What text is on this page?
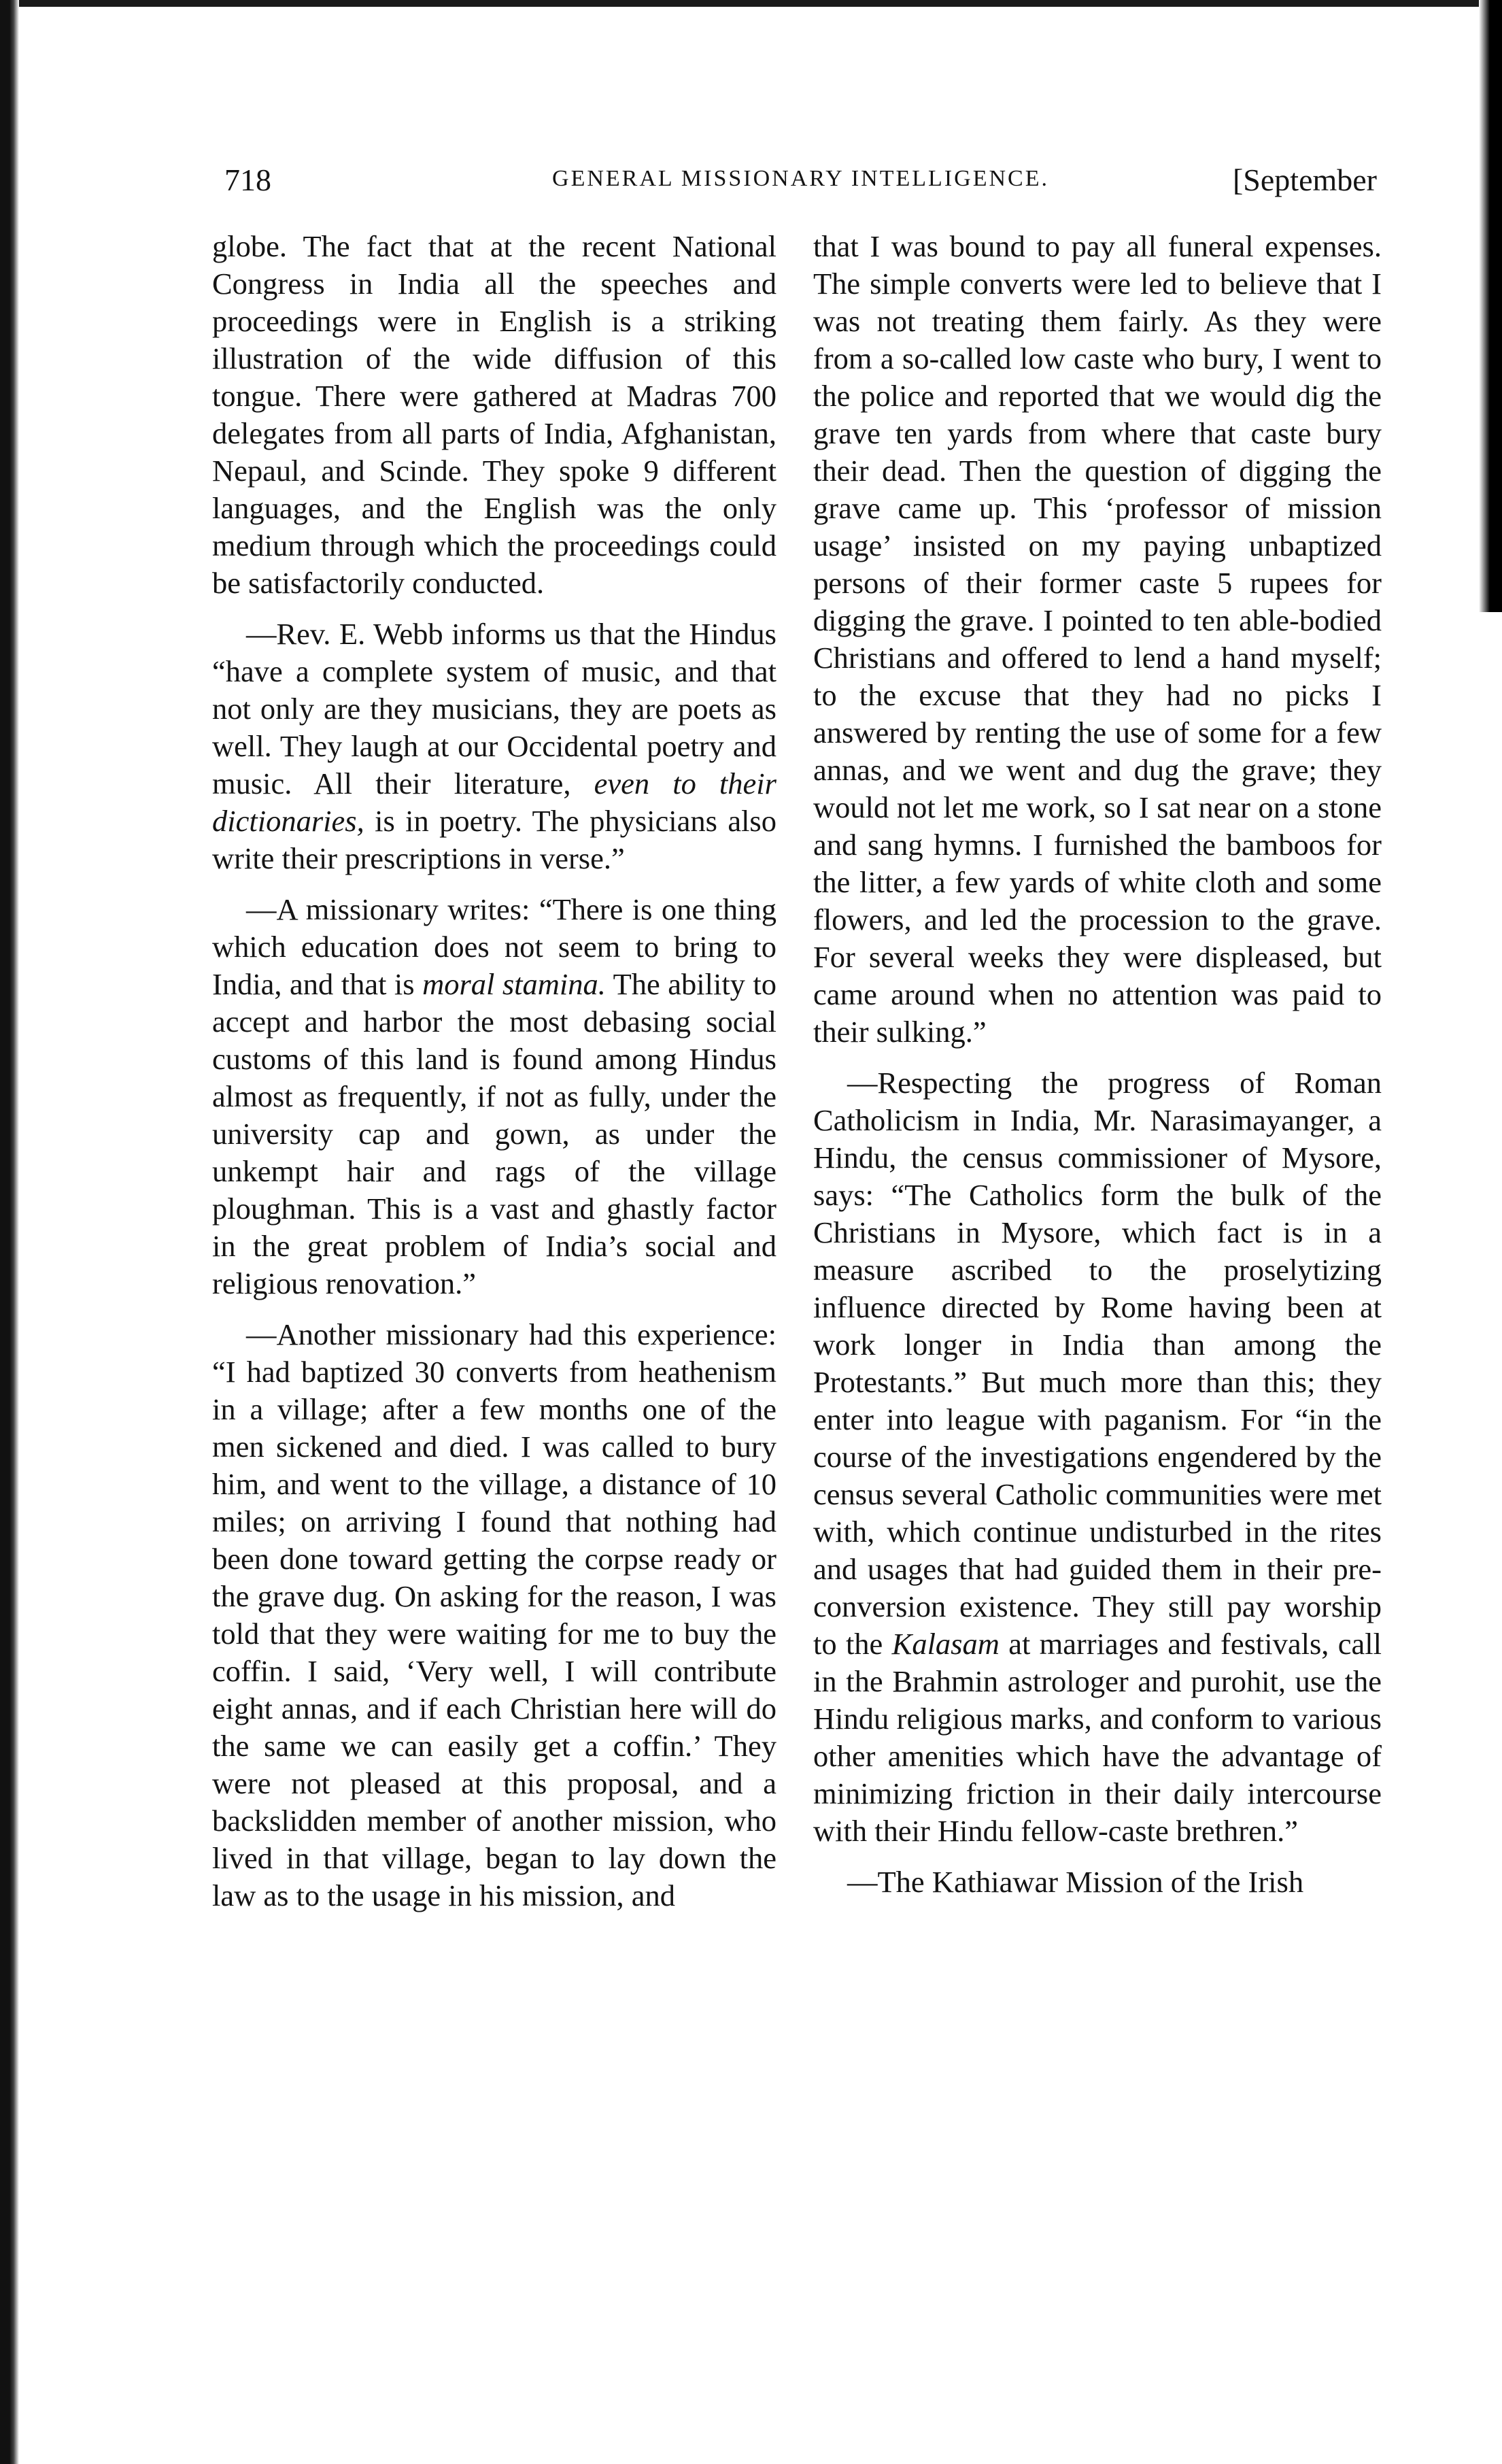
718	GENERAL MISSIONARY INTELLIGENCE.	[September

globe. The fact that at the recent National Congress in India all the speeches and proceedings were in English is a striking illustration of the wide diffusion of this tongue. There were gathered at Madras 700 delegates from all parts of India, Afghanistan, Nepaul, and Scinde. They spoke 9 different languages, and the English was the only medium through which the proceedings could be satisfactorily conducted.

—Rev. E. Webb informs us that the Hindus “have a complete system of music, and that not only are they musicians, they are poets as well. They laugh at our Occidental poetry and music. All their literature, even to their dictionaries, is in poetry. The physicians also write their prescriptions in verse.”

—A missionary writes: “There is one thing which education does not seem to bring to India, and that is moral stamina. The ability to accept and harbor the most debasing social customs of this land is found among Hindus almost as frequently, if not as fully, under the university cap and gown, as under the unkempt hair and rags of the village ploughman. This is a vast and ghastly factor in the great problem of India’s social and religious renovation.”

—Another missionary had this experience: “I had baptized 30 converts from heathenism in a village; after a few months one of the men sickened and died. I was called to bury him, and went to the village, a distance of 10 miles; on arriving I found that nothing had been done toward getting the corpse ready or the grave dug. On asking for the reason, I was told that they were waiting for me to buy the coffin. I said, ‘Very well, I will contribute eight annas, and if each Christian here will do the same we can easily get a coffin.’ They were not pleased at this proposal, and a backslidden member of another mission, who lived in that village, began to lay down the law as to the usage in his mission, and

that I was bound to pay all funeral expenses. The simple converts were led to believe that I was not treating them fairly. As they were from a so-called low caste who bury, I went to the police and reported that we would dig the grave ten yards from where that caste bury their dead. Then the question of digging the grave came up. This ‘professor of mission usage’ insisted on my paying unbaptized persons of their former caste 5 rupees for digging the grave. I pointed to ten able-bodied Christians and offered to lend a hand myself; to the excuse that they had no picks I answered by renting the use of some for a few annas, and we went and dug the grave; they would not let me work, so I sat near on a stone and sang hymns. I furnished the bamboos for the litter, a few yards of white cloth and some flowers, and led the procession to the grave. For several weeks they were displeased, but came around when no attention was paid to their sulking.”

—Respecting the progress of Roman Catholicism in India, Mr. Narasimayanger, a Hindu, the census commissioner of Mysore, says: “The Catholics form the bulk of the Christians in Mysore, which fact is in a measure ascribed to the proselytizing influence directed by Rome having been at work longer in India than among the Protestants.” But much more than this; they enter into league with paganism. For “in the course of the investigations engendered by the census several Catholic communities were met with, which continue undisturbed in the rites and usages that had guided them in their pre-conversion existence. They still pay worship to the Kalasam at marriages and festivals, call in the Brahmin astrologer and purohit, use the Hindu religious marks, and conform to various other amenities which have the advantage of minimizing friction in their daily intercourse with their Hindu fellow-caste brethren.”

—The Kathiawar Mission of the Irish
